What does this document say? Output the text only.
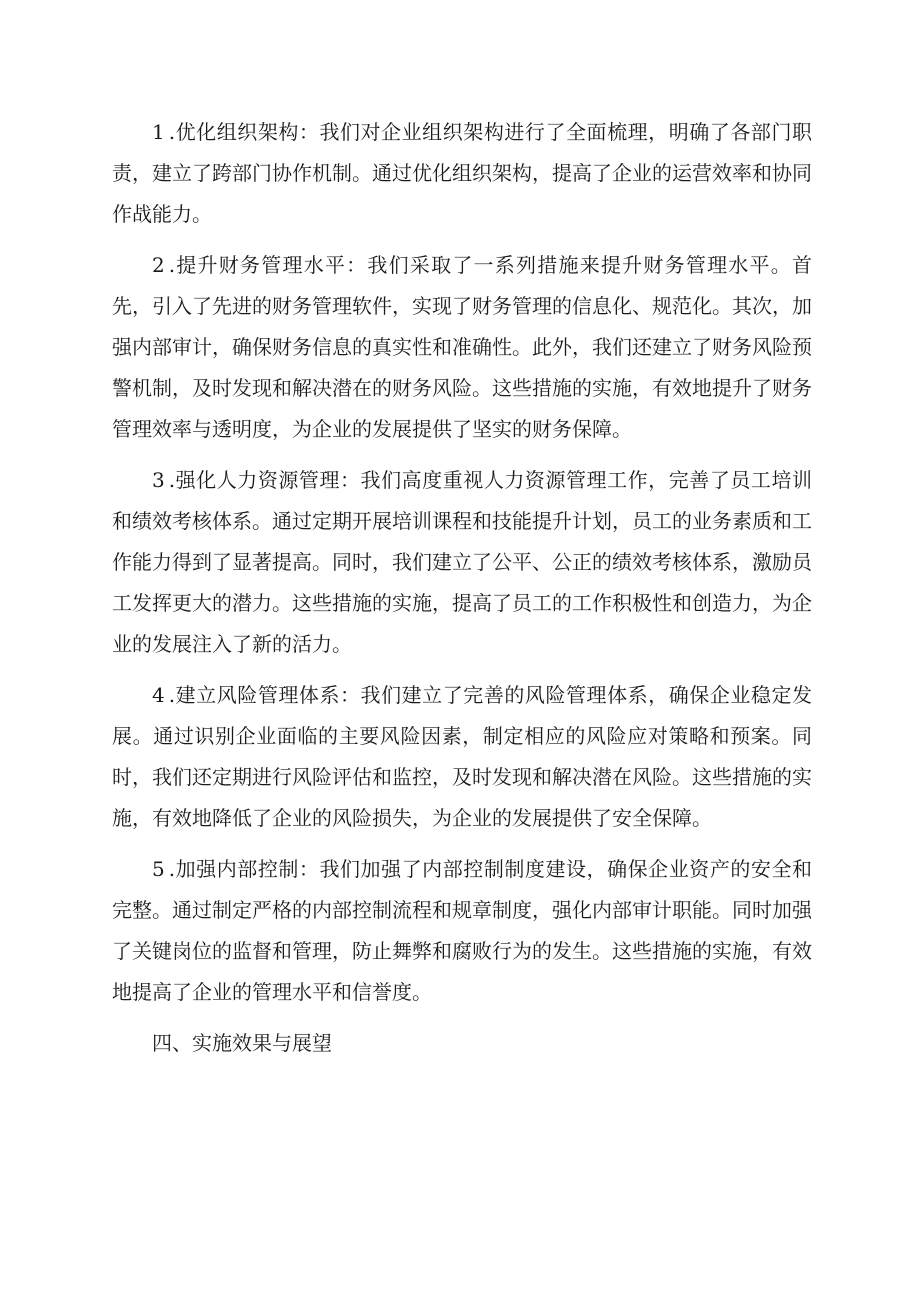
1 .优化组织架构：我们对企业组织架构进行了全面梳理，明确了各部门职责，建立了跨部门协作机制。通过优化组织架构，提高了企业的运营效率和协同作战能力。

2 .提升财务管理水平：我们采取了一系列措施来提升财务管理水平。首先，引入了先进的财务管理软件，实现了财务管理的信息化、规范化。其次，加强内部审计，确保财务信息的真实性和准确性。此外，我们还建立了财务风险预警机制，及时发现和解决潜在的财务风险。这些措施的实施，有效地提升了财务管理效率与透明度，为企业的发展提供了坚实的财务保障。

3 .强化人力资源管理：我们高度重视人力资源管理工作，完善了员工培训和绩效考核体系。通过定期开展培训课程和技能提升计划，员工的业务素质和工作能力得到了显著提高。同时，我们建立了公平、公正的绩效考核体系，激励员工发挥更大的潜力。这些措施的实施，提高了员工的工作积极性和创造力，为企业的发展注入了新的活力。

4 .建立风险管理体系：我们建立了完善的风险管理体系，确保企业稳定发展。通过识别企业面临的主要风险因素，制定相应的风险应对策略和预案。同时，我们还定期进行风险评估和监控，及时发现和解决潜在风险。这些措施的实施，有效地降低了企业的风险损失，为企业的发展提供了安全保障。

5 .加强内部控制：我们加强了内部控制制度建设，确保企业资产的安全和完整。通过制定严格的内部控制流程和规章制度，强化内部审计职能。同时加强了关键岗位的监督和管理，防止舞弊和腐败行为的发生。这些措施的实施，有效地提高了企业的管理水平和信誉度。

四、实施效果与展望
